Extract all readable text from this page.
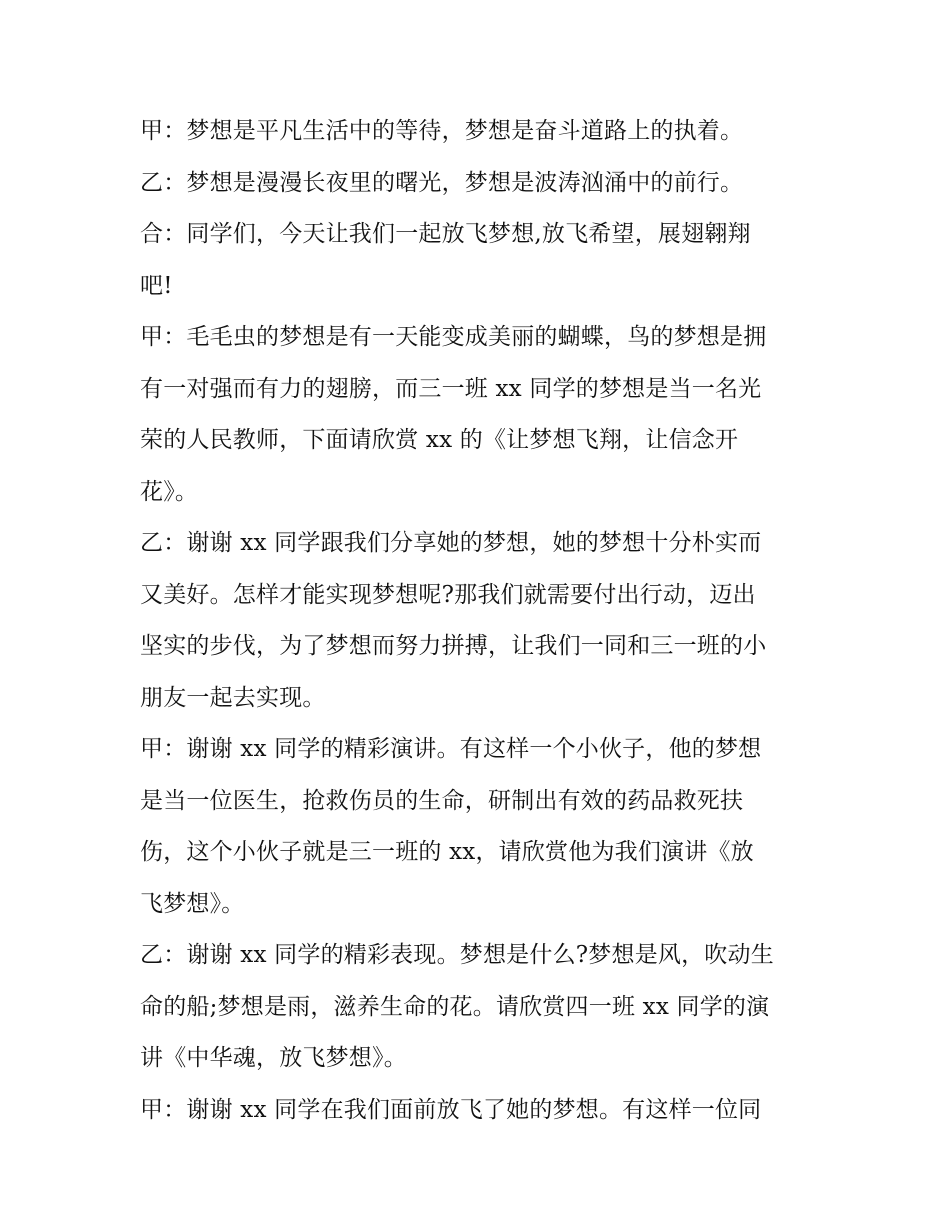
甲：梦想是平凡生活中的等待，梦想是奋斗道路上的执着。
乙：梦想是漫漫长夜里的曙光，梦想是波涛汹涌中的前行。
合：同学们，今天让我们一起放飞梦想,放飞希望，展翅翱翔
吧!
甲：毛毛虫的梦想是有一天能变成美丽的蝴蝶，鸟的梦想是拥
有一对强而有力的翅膀，而三一班 xx 同学的梦想是当一名光
荣的人民教师，下面请欣赏 xx 的《让梦想飞翔，让信念开
花》。
乙：谢谢 xx 同学跟我们分享她的梦想，她的梦想十分朴实而
又美好。怎样才能实现梦想呢?那我们就需要付出行动，迈出
坚实的步伐，为了梦想而努力拼搏，让我们一同和三一班的小
朋友一起去实现。
甲：谢谢 xx 同学的精彩演讲。有这样一个小伙子，他的梦想
是当一位医生，抢救伤员的生命，研制出有效的药品救死扶
伤，这个小伙子就是三一班的 xx，请欣赏他为我们演讲《放
飞梦想》。
乙：谢谢 xx 同学的精彩表现。梦想是什么?梦想是风，吹动生
命的船;梦想是雨，滋养生命的花。请欣赏四一班 xx 同学的演
讲《中华魂，放飞梦想》。
甲：谢谢 xx 同学在我们面前放飞了她的梦想。有这样一位同
